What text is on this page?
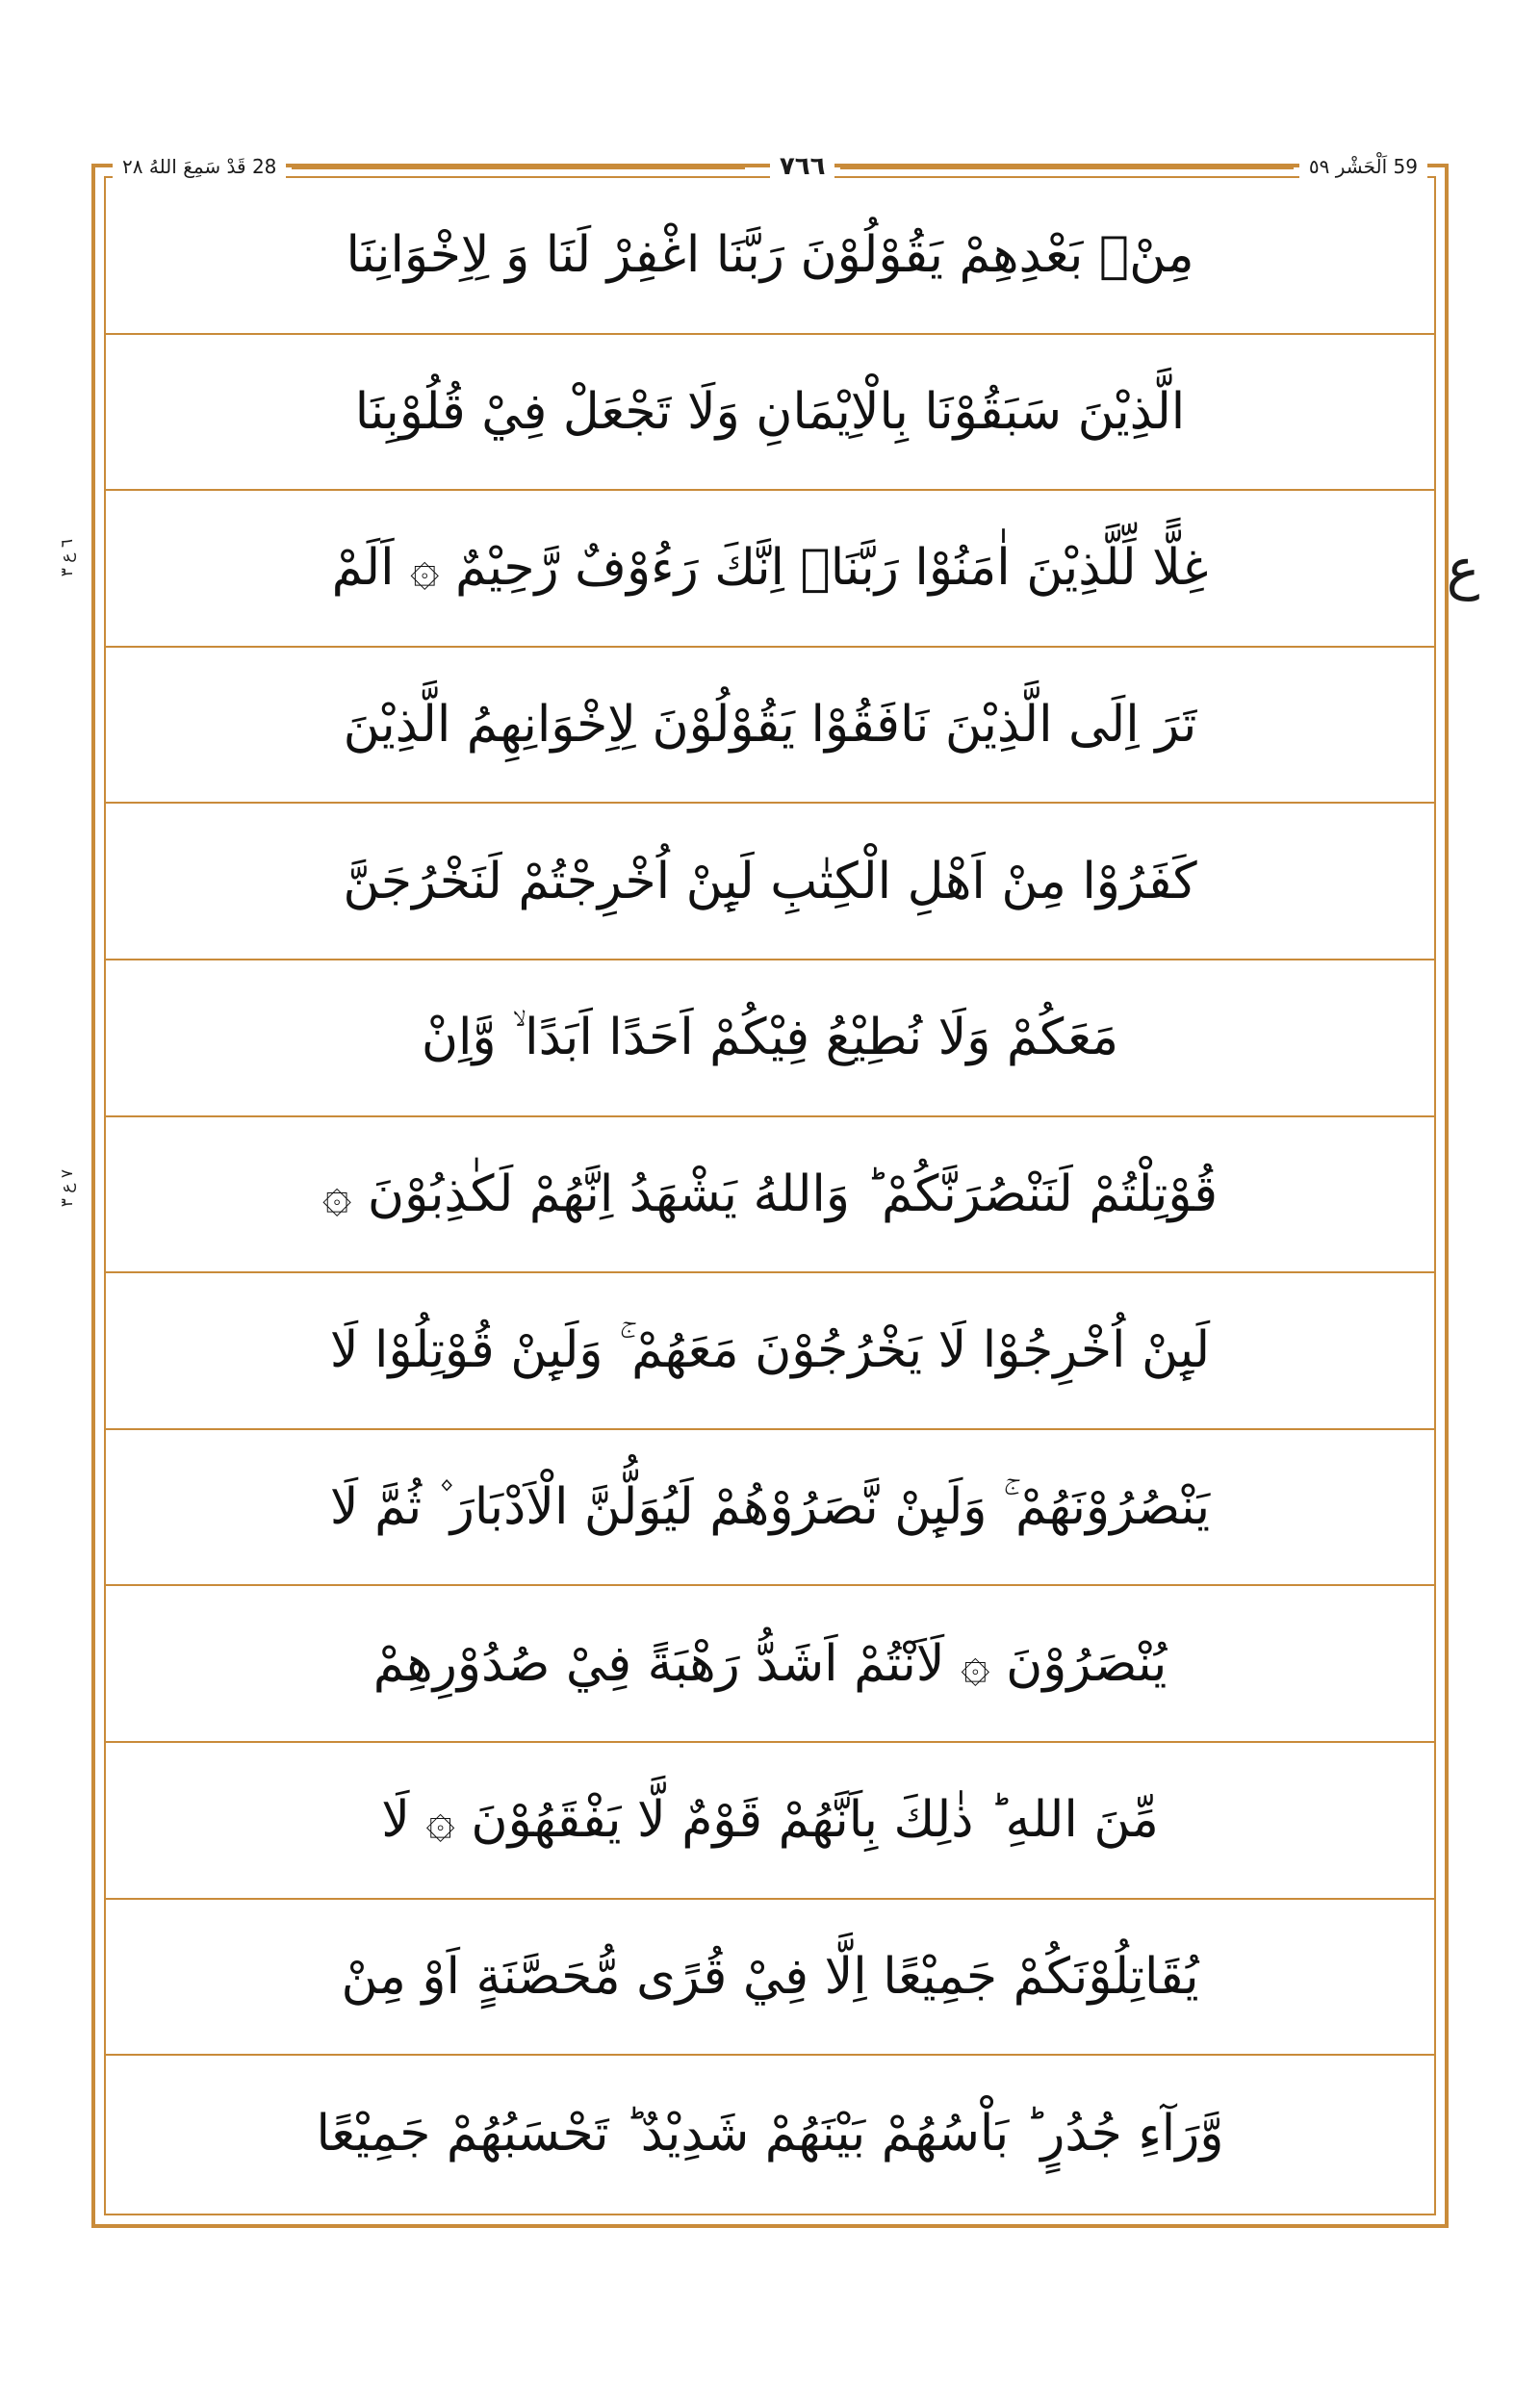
59 اَلْحَشْر ٥٩
٧٦٦
28 قَدْ سَمِعَ اللهُ ٢٨
٦ ع ٣
٧ ع ٣
ع
مِنْۢ بَعْدِهِمْ يَقُوْلُوْنَ رَبَّنَا اغْفِرْ لَنَا وَ لِاِخْوَانِنَا
الَّذِيْنَ سَبَقُوْنَا بِالْاِيْمَانِ وَلَا تَجْعَلْ فِيْ قُلُوْبِنَا
غِلًّا لِّلَّذِيْنَ اٰمَنُوْا رَبَّنَاۤ اِنَّكَ رَءُوْفٌ رَّحِيْمٌ ۞ اَلَمْ
تَرَ اِلَى الَّذِيْنَ نَافَقُوْا يَقُوْلُوْنَ لِاِخْوَانِهِمُ الَّذِيْنَ
كَفَرُوْا مِنْ اَهْلِ الْكِتٰبِ لَىِٕنْ اُخْرِجْتُمْ لَنَخْرُجَنَّ
مَعَكُمْ وَلَا نُطِيْعُ فِيْكُمْ اَحَدًا اَبَدًا ۙ وَّاِنْ
قُوْتِلْتُمْ لَنَنْصُرَنَّكُمْ ؕ وَاللهُ يَشْهَدُ اِنَّهُمْ لَكٰذِبُوْنَ ۞
لَىِٕنْ اُخْرِجُوْا لَا يَخْرُجُوْنَ مَعَهُمْ ۚ وَلَىِٕنْ قُوْتِلُوْا لَا
يَنْصُرُوْنَهُمْ ۚ وَلَىِٕنْ نَّصَرُوْهُمْ لَيُوَلُّنَّ الْاَدْبَارَ ۫ ثُمَّ لَا
يُنْصَرُوْنَ ۞ لَاَنْتُمْ اَشَدُّ رَهْبَةً فِيْ صُدُوْرِهِمْ
مِّنَ اللهِ ؕ ذٰلِكَ بِاَنَّهُمْ قَوْمٌ لَّا يَفْقَهُوْنَ ۞ لَا
يُقَاتِلُوْنَكُمْ جَمِيْعًا اِلَّا فِيْ قُرًى مُّحَصَّنَةٍ اَوْ مِنْ
وَّرَآءِ جُدُرٍ ؕ بَاْسُهُمْ بَيْنَهُمْ شَدِيْدٌ ؕ تَحْسَبُهُمْ جَمِيْعًا
